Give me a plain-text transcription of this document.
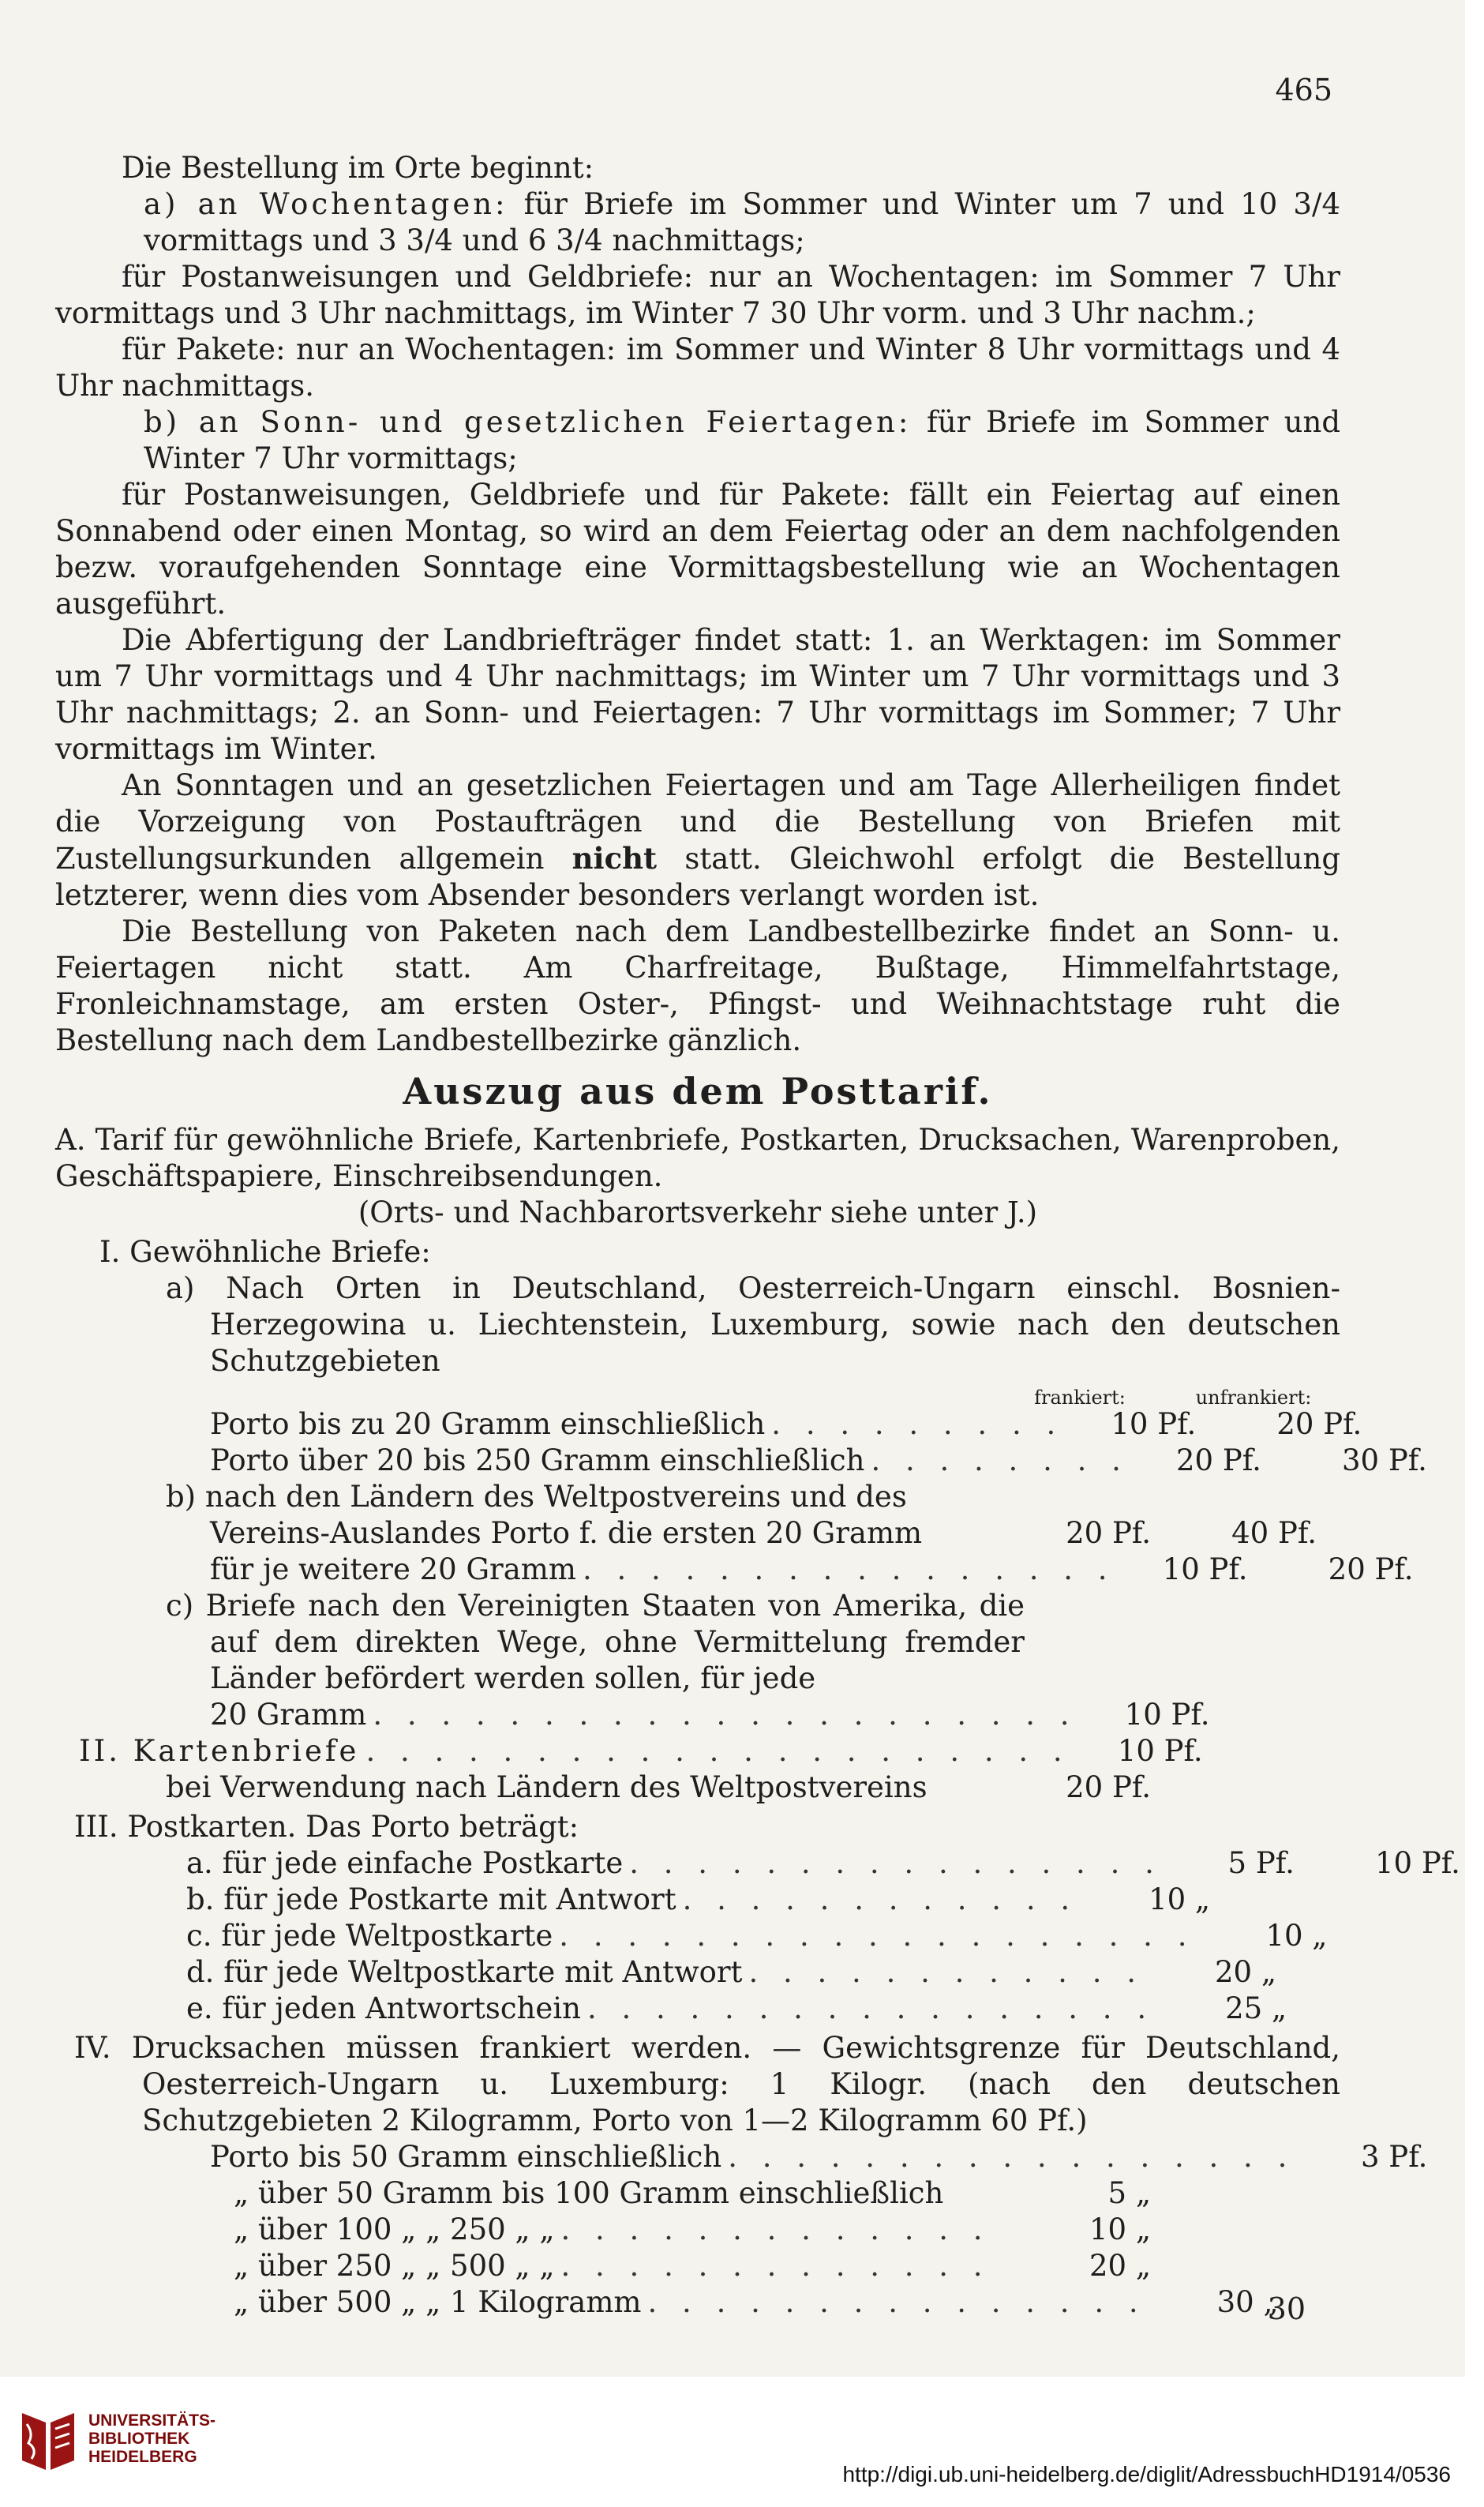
465

Die Bestellung im Orte beginnt:

a) an Wochentagen: für Briefe im Sommer und Winter um 7 und 10 3/4 vormittags und 3 3/4 und 6 3/4 nachmittags;

für Postanweisungen und Geldbriefe: nur an Wochentagen: im Sommer 7 Uhr vormittags und 3 Uhr nachmittags, im Winter 7 30 Uhr vorm. und 3 Uhr nachm.;

für Pakete: nur an Wochentagen: im Sommer und Winter 8 Uhr vormittags und 4 Uhr nachmittags.

b) an Sonn- und gesetzlichen Feiertagen: für Briefe im Sommer und Winter 7 Uhr vormittags;

für Postanweisungen, Geldbriefe und für Pakete: fällt ein Feiertag auf einen Sonnabend oder einen Montag, so wird an dem Feiertag oder an dem nachfolgenden bezw. voraufgehenden Sonntage eine Vormittagsbestellung wie an Wochentagen ausgeführt.

Die Abfertigung der Landbriefträger findet statt: 1. an Werktagen: im Sommer um 7 Uhr vormittags und 4 Uhr nachmittags; im Winter um 7 Uhr vormittags und 3 Uhr nachmittags; 2. an Sonn- und Feiertagen: 7 Uhr vormittags im Sommer; 7 Uhr vormittags im Winter.

An Sonntagen und an gesetzlichen Feiertagen und am Tage Allerheiligen findet die Vorzeigung von Postaufträgen und die Bestellung von Briefen mit Zustellungsurkunden allgemein nicht statt. Gleichwohl erfolgt die Bestellung letzterer, wenn dies vom Absender besonders verlangt worden ist.

Die Bestellung von Paketen nach dem Landbestellbezirke findet an Sonn- u. Feiertagen nicht statt. Am Charfreitage, Bußtage, Himmelfahrtstage, Fronleichnamstage, am ersten Oster-, Pfingst- und Weihnachtstage ruht die Bestellung nach dem Landbestellbezirke gänzlich.

Auszug aus dem Posttarif.

A. Tarif für gewöhnliche Briefe, Kartenbriefe, Postkarten, Drucksachen, Warenproben, Geschäftspapiere, Einschreibsendungen.

(Orts- und Nachbarortsverkehr siehe unter J.)

I. Gewöhnliche Briefe:

a) Nach Orten in Deutschland, Oesterreich-Ungarn einschl. Bosnien-Herzegowina u. Liechtenstein, Luxemburg, sowie nach den deutschen Schutzgebieten

frankiert:	unfrankiert:
Porto bis zu 20 Gramm einschließlich . . . . . . . . .	10 Pf.	20 Pf.
Porto über 20 bis 250 Gramm einschließlich . . . . . . . .	20 Pf.	30 Pf.

b) nach den Ländern des Weltpostvereins und des

Vereins-Auslandes Porto f. die ersten 20 Gramm	20 Pf.	40 Pf.
für je weitere 20 Gramm . . . . . . . . . . . . . . . .	10 Pf.	20 Pf.

c) Briefe nach den Vereinigten Staaten von Amerika, die auf dem direkten Wege, ohne Vermittelung fremder Länder befördert werden sollen, für jede

20 Gramm . . . . . . . . . . . . . . . . . . . . .	10 Pf.
II. Kartenbriefe . . . . . . . . . . . . . . . . . . . . .	10 Pf.
bei Verwendung nach Ländern des Weltpostvereins	20 Pf.

III. Postkarten. Das Porto beträgt:

a. für jede einfache Postkarte . . . . . . . . . . . . . . . .	5 Pf.	10 Pf.
b. für jede Postkarte mit Antwort . . . . . . . . . . . .	10 „
c. für jede Weltpostkarte . . . . . . . . . . . . . . . . . . .	10 „
d. für jede Weltpostkarte mit Antwort . . . . . . . . . . . .	20 „
e. für jeden Antwortschein . . . . . . . . . . . . . . . . .	25 „

IV. Drucksachen müssen frankiert werden. — Gewichtsgrenze für Deutschland, Oesterreich-Ungarn u. Luxemburg: 1 Kilogr. (nach den deutschen Schutzgebieten 2 Kilogramm, Porto von 1—2 Kilogramm 60 Pf.)

Porto bis 50 Gramm einschließlich . . . . . . . . . . . . . . . . .	3 Pf.
„ über 50 Gramm bis 100 Gramm einschließlich	5 „
„ über 100 „ „ 250 „ „ . . . . . . . . . . . . .	10 „
„ über 250 „ „ 500 „ „ . . . . . . . . . . . . .	20 „
„ über 500 „ „ 1 Kilogramm . . . . . . . . . . . . . . .	30 „
30
UNIVERSITÄTS-
BIBLIOTHEK
HEIDELBERG
http://digi.ub.uni-heidelberg.de/diglit/AdressbuchHD1914/0536
